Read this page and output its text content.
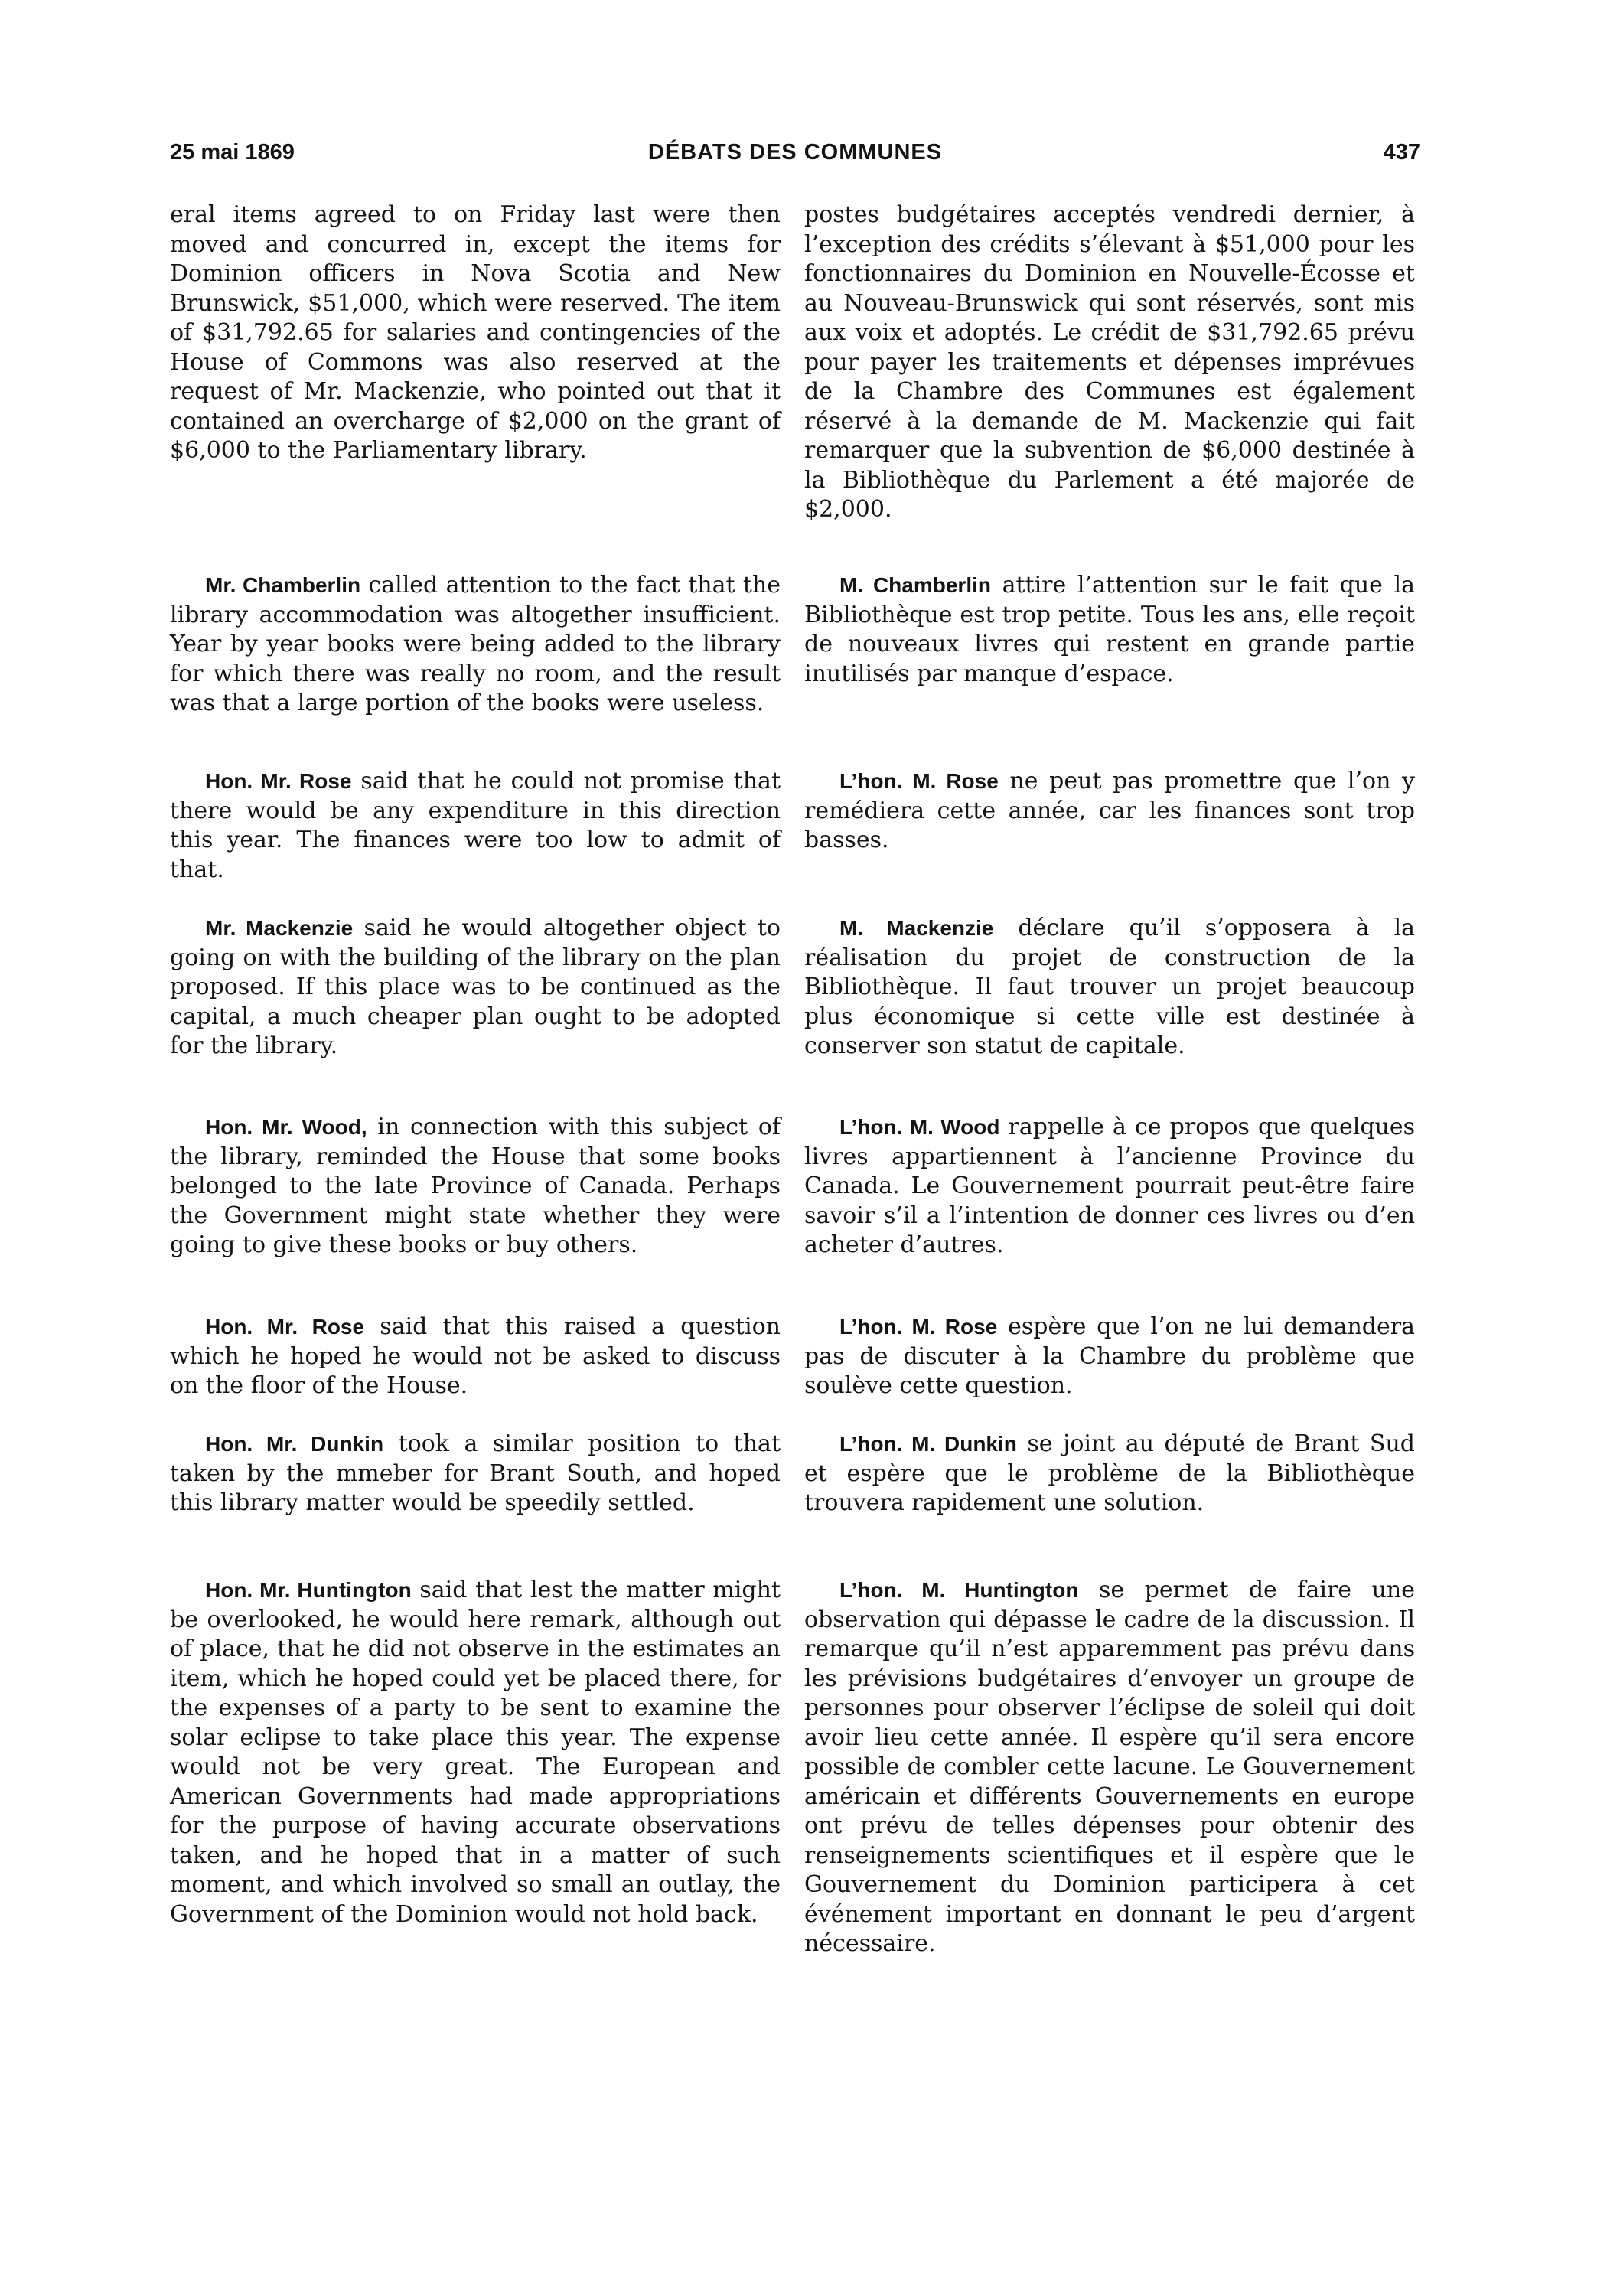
25 mai 1869	DÉBATS DES COMMUNES	437

eral items agreed to on Friday last were then moved and concurred in, except the items for Dominion officers in Nova Scotia and New Brunswick, $51,000, which were reserved. The item of $31,792.65 for salaries and contingencies of the House of Commons was also reserved at the request of Mr. Mackenzie, who pointed out that it contained an overcharge of $2,000 on the grant of $6,000 to the Parliamentary library.

Mr. Chamberlin called attention to the fact that the library accommodation was altogether insufficient. Year by year books were being added to the library for which there was really no room, and the result was that a large portion of the books were useless.

Hon. Mr. Rose said that he could not promise that there would be any expenditure in this direction this year. The finances were too low to admit of that.

Mr. Mackenzie said he would altogether object to going on with the building of the library on the plan proposed. If this place was to be continued as the capital, a much cheaper plan ought to be adopted for the library.

Hon. Mr. Wood, in connection with this subject of the library, reminded the House that some books belonged to the late Province of Canada. Perhaps the Government might state whether they were going to give these books or buy others.

Hon. Mr. Rose said that this raised a question which he hoped he would not be asked to discuss on the floor of the House.

Hon. Mr. Dunkin took a similar position to that taken by the mmeber for Brant South, and hoped this library matter would be speedily settled.

Hon. Mr. Huntington said that lest the matter might be overlooked, he would here remark, although out of place, that he did not observe in the estimates an item, which he hoped could yet be placed there, for the expenses of a party to be sent to examine the solar eclipse to take place this year. The expense would not be very great. The European and American Governments had made appropriations for the purpose of having accurate observations taken, and he hoped that in a matter of such moment, and which involved so small an outlay, the Government of the Dominion would not hold back.

postes budgétaires acceptés vendredi dernier, à l’exception des crédits s’élevant à $51,000 pour les fonctionnaires du Dominion en Nouvelle-Écosse et au Nouveau-Brunswick qui sont réservés, sont mis aux voix et adoptés. Le crédit de $31,792.65 prévu pour payer les traitements et dépenses imprévues de la Chambre des Communes est également réservé à la demande de M. Mackenzie qui fait remarquer que la subvention de $6,000 destinée à la Bibliothèque du Parlement a été majorée de $2,000.

M. Chamberlin attire l’attention sur le fait que la Bibliothèque est trop petite. Tous les ans, elle reçoit de nouveaux livres qui restent en grande partie inutilisés par manque d’espace.

L’hon. M. Rose ne peut pas promettre que l’on y remédiera cette année, car les finances sont trop basses.

M. Mackenzie déclare qu’il s’opposera à la réalisation du projet de construction de la Bibliothèque. Il faut trouver un projet beaucoup plus économique si cette ville est destinée à conserver son statut de capitale.

L’hon. M. Wood rappelle à ce propos que quelques livres appartiennent à l’ancienne Province du Canada. Le Gouvernement pourrait peut-être faire savoir s’il a l’intention de donner ces livres ou d’en acheter d’autres.

L’hon. M. Rose espère que l’on ne lui demandera pas de discuter à la Chambre du problème que soulève cette question.

L’hon. M. Dunkin se joint au député de Brant Sud et espère que le problème de la Bibliothèque trouvera rapidement une solution.

L’hon. M. Huntington se permet de faire une observation qui dépasse le cadre de la discussion. Il remarque qu’il n’est apparemment pas prévu dans les prévisions budgétaires d’envoyer un groupe de personnes pour observer l’éclipse de soleil qui doit avoir lieu cette année. Il espère qu’il sera encore possible de combler cette lacune. Le Gouvernement américain et différents Gouvernements en europe ont prévu de telles dépenses pour obtenir des renseignements scientifiques et il espère que le Gouvernement du Dominion participera à cet événement important en donnant le peu d’argent nécessaire.
